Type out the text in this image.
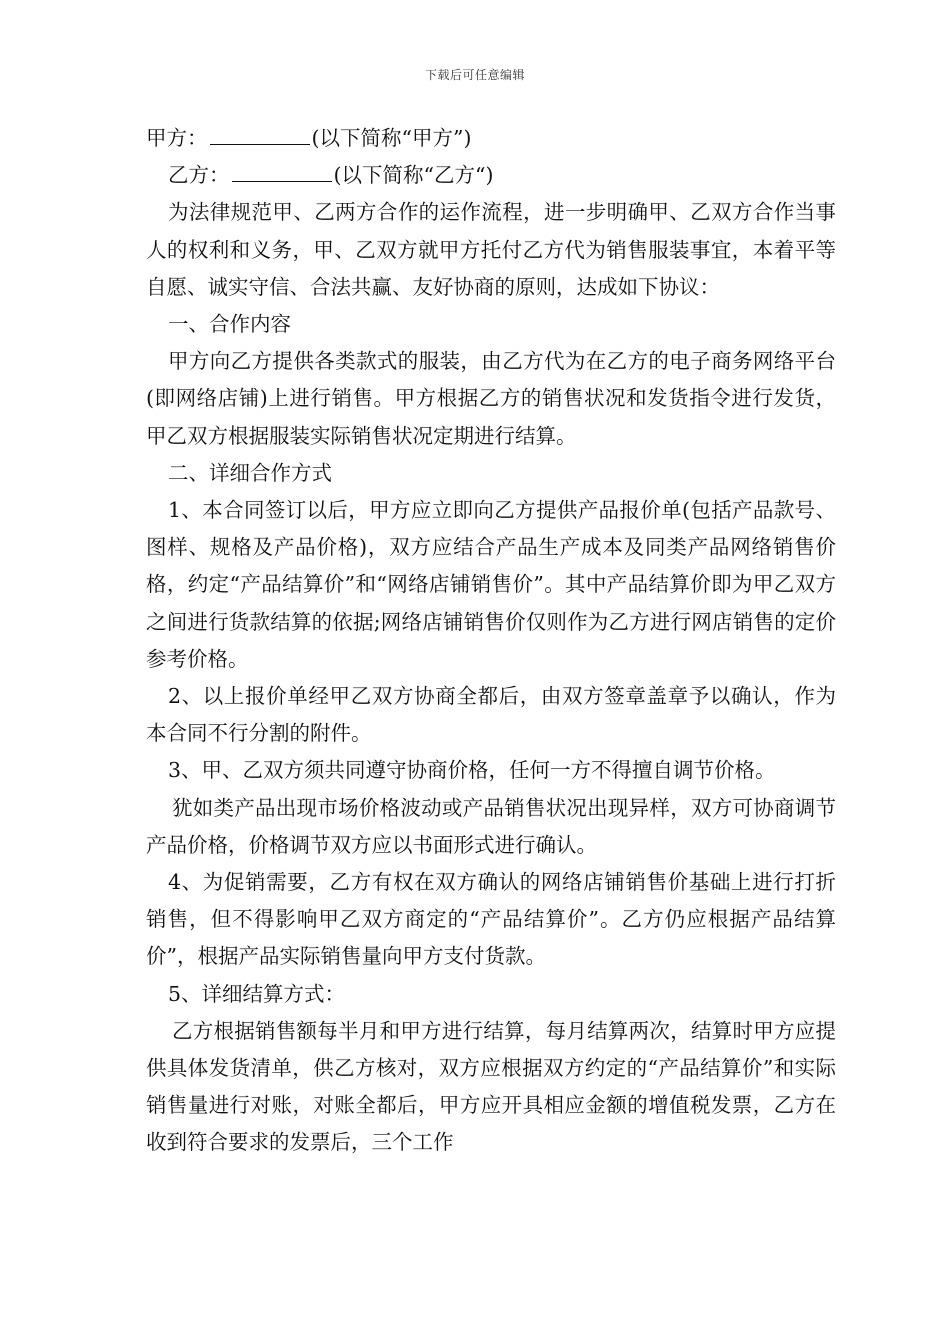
下载后可任意编辑

甲方：	(以下简称“甲方”)

乙方：	(以下简称“乙方“)

为法律规范甲、乙两方合作的运作流程，进一步明确甲、乙双方合作当事人的权利和义务，甲、乙双方就甲方托付乙方代为销售服装事宜，本着平等自愿、诚实守信、合法共赢、友好协商的原则，达成如下协议：

一、合作内容

甲方向乙方提供各类款式的服装，由乙方代为在乙方的电子商务网络平台(即网络店铺)上进行销售。甲方根据乙方的销售状况和发货指令进行发货，甲乙双方根据服装实际销售状况定期进行结算。

二、详细合作方式

1、本合同签订以后，甲方应立即向乙方提供产品报价单(包括产品款号、图样、规格及产品价格)，双方应结合产品生产成本及同类产品网络销售价格，约定“产品结算价”和“网络店铺销售价”。其中产品结算价即为甲乙双方之间进行货款结算的依据;网络店铺销售价仅则作为乙方进行网店销售的定价参考价格。

2、以上报价单经甲乙双方协商全都后，由双方签章盖章予以确认，作为本合同不行分割的附件。

3、甲、乙双方须共同遵守协商价格，任何一方不得擅自调节价格。

犹如类产品出现市场价格波动或产品销售状况出现异样，双方可协商调节产品价格，价格调节双方应以书面形式进行确认。

4、为促销需要，乙方有权在双方确认的网络店铺销售价基础上进行打折销售，但不得影响甲乙双方商定的“产品结算价”。乙方仍应根据产品结算价”，根据产品实际销售量向甲方支付货款。

5、详细结算方式：

乙方根据销售额每半月和甲方进行结算，每月结算两次，结算时甲方应提供具体发货清单，供乙方核对，双方应根据双方约定的“产品结算价”和实际销售量进行对账，对账全都后，甲方应开具相应金额的增值税发票，乙方在收到符合要求的发票后，三个工作
